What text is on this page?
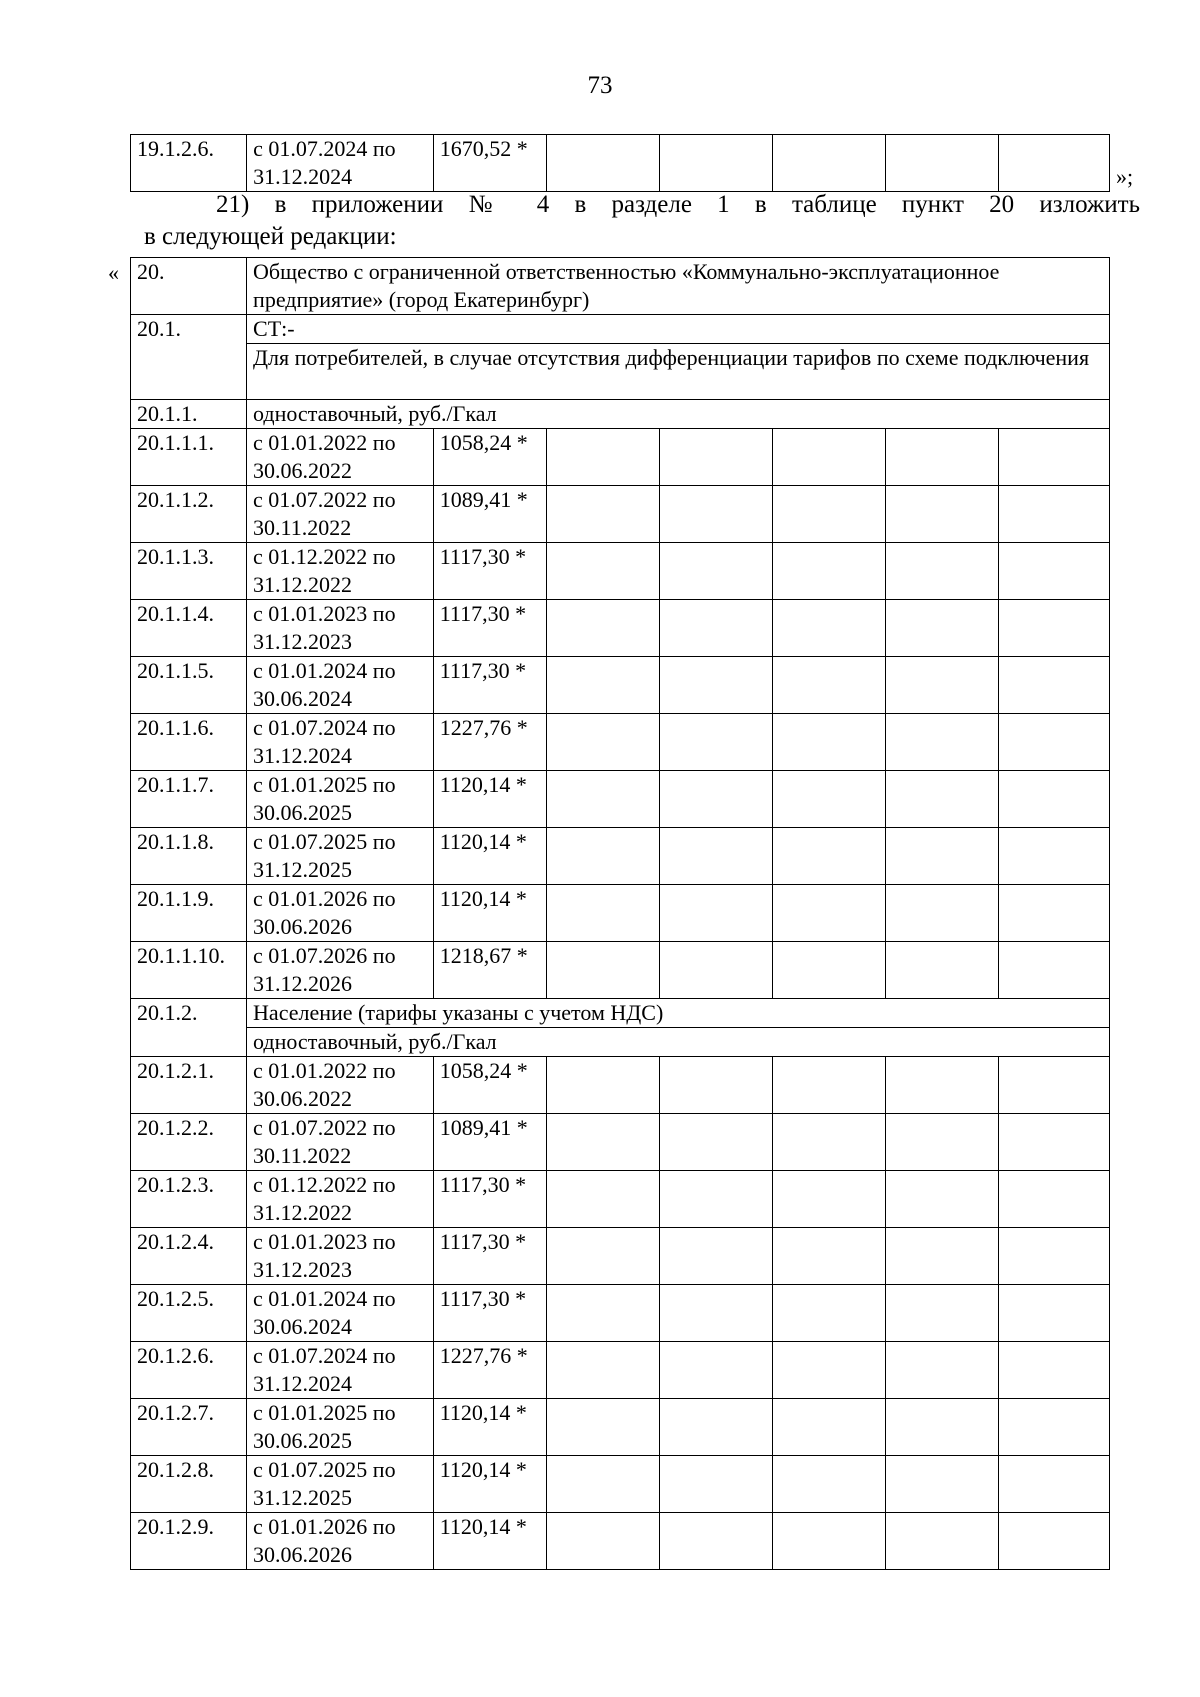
73
19.1.2.6.	с 01.07.2024 по 31.12.2024	1670,52 *					
»;
21) в приложении № 4 в разделе 1 в таблице пункт 20 изложить
в следующей редакции:
« 20.	Общество с ограниченной ответственностью «Коммунально-эксплуатационное предприятие» (город Екатеринбург)						
20.1.	СТ:-						
	Для потребителей, в случае отсутствия дифференциации тарифов по схеме подключения						
20.1.1.	одноставочный, руб./Гкал						
20.1.1.1.	с 01.01.2022 по 30.06.2022	1058,24 *					
20.1.1.2.	с 01.07.2022 по 30.11.2022	1089,41 *					
20.1.1.3.	с 01.12.2022 по 31.12.2022	1117,30 *					
20.1.1.4.	с 01.01.2023 по 31.12.2023	1117,30 *					
20.1.1.5.	с 01.01.2024 по 30.06.2024	1117,30 *					
20.1.1.6.	с 01.07.2024 по 31.12.2024	1227,76 *					
20.1.1.7.	с 01.01.2025 по 30.06.2025	1120,14 *					
20.1.1.8.	с 01.07.2025 по 31.12.2025	1120,14 *					
20.1.1.9.	с 01.01.2026 по 30.06.2026	1120,14 *					
20.1.1.10.	с 01.07.2026 по 31.12.2026	1218,67 *					
20.1.2.	Население (тарифы указаны с учетом НДС)						
	одноставочный, руб./Гкал						
20.1.2.1.	с 01.01.2022 по 30.06.2022	1058,24 *					
20.1.2.2.	с 01.07.2022 по 30.11.2022	1089,41 *					
20.1.2.3.	с 01.12.2022 по 31.12.2022	1117,30 *					
20.1.2.4.	с 01.01.2023 по 31.12.2023	1117,30 *					
20.1.2.5.	с 01.01.2024 по 30.06.2024	1117,30 *					
20.1.2.6.	с 01.07.2024 по 31.12.2024	1227,76 *					
20.1.2.7.	с 01.01.2025 по 30.06.2025	1120,14 *					
20.1.2.8.	с 01.07.2025 по 31.12.2025	1120,14 *					
20.1.2.9.	с 01.01.2026 по 30.06.2026	1120,14 *					
